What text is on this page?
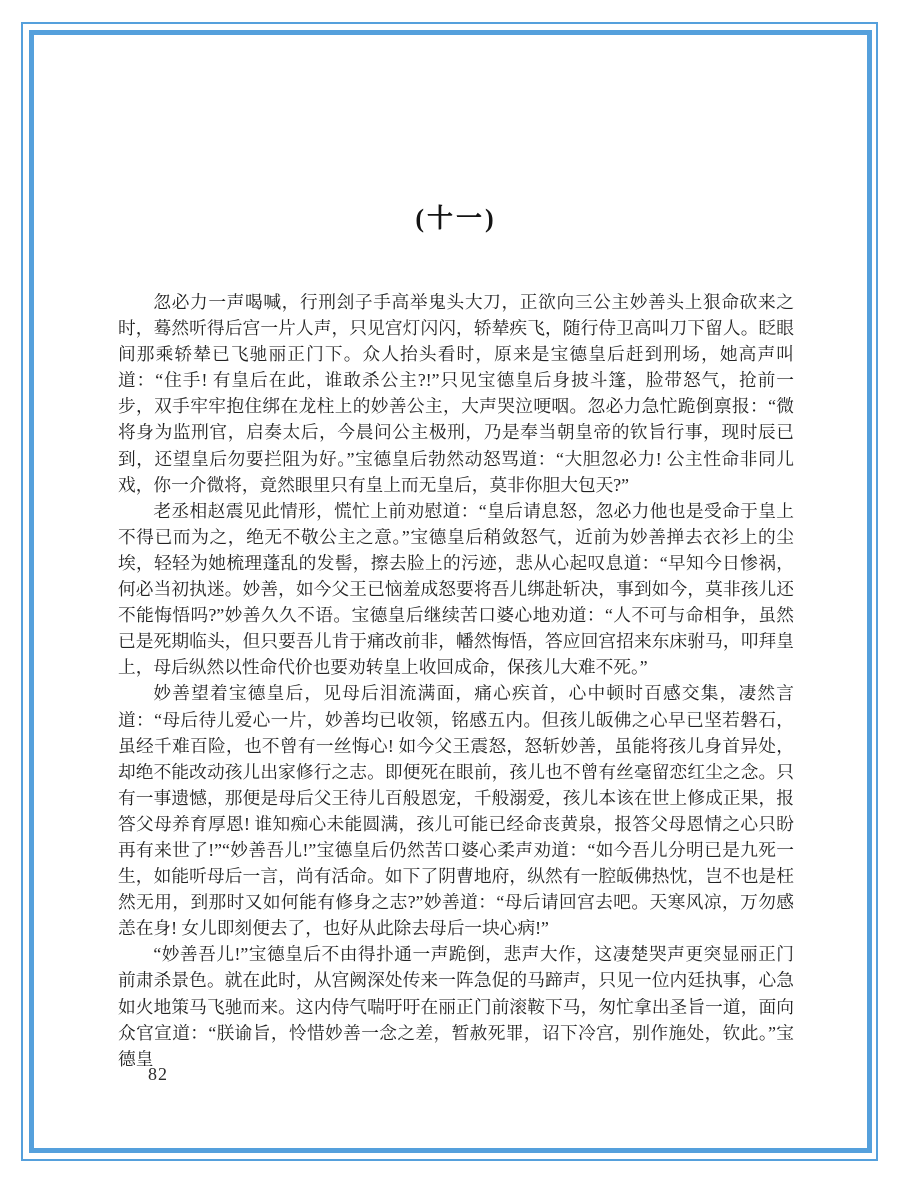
(十一)

忽必力一声喝喊，行刑刽子手高举鬼头大刀，正欲向三公主妙善头上狠命砍来之时，蓦然听得后宫一片人声，只见宫灯闪闪，轿辇疾飞，随行侍卫高叫刀下留人。眨眼间那乘轿辇已飞驰丽正门下。众人抬头看时，原来是宝德皇后赶到刑场，她高声叫道：“住手! 有皇后在此，谁敢杀公主?!”只见宝德皇后身披斗篷，脸带怒气，抢前一步，双手牢牢抱住绑在龙柱上的妙善公主，大声哭泣哽咽。忽必力急忙跪倒禀报：“微将身为监刑官，启奏太后，今晨问公主极刑，乃是奉当朝皇帝的钦旨行事，现时辰已到，还望皇后勿要拦阻为好。”宝德皇后勃然动怒骂道：“大胆忽必力! 公主性命非同儿戏，你一介微将，竟然眼里只有皇上而无皇后，莫非你胆大包天?”

老丞相赵震见此情形，慌忙上前劝慰道：“皇后请息怒，忽必力他也是受命于皇上不得已而为之，绝无不敬公主之意。”宝德皇后稍敛怒气，近前为妙善掸去衣衫上的尘埃，轻轻为她梳理蓬乱的发髻，擦去脸上的污迹，悲从心起叹息道：“早知今日惨祸，何必当初执迷。妙善，如今父王已恼羞成怒要将吾儿绑赴斩决，事到如今，莫非孩儿还不能悔悟吗?”妙善久久不语。宝德皇后继续苦口婆心地劝道：“人不可与命相争，虽然已是死期临头，但只要吾儿肯于痛改前非，幡然悔悟，答应回宫招来东床驸马，叩拜皇上，母后纵然以性命代价也要劝转皇上收回成命，保孩儿大难不死。”

妙善望着宝德皇后，见母后泪流满面，痛心疾首，心中顿时百感交集，凄然言道：“母后待儿爱心一片，妙善均已收领，铭感五内。但孩儿皈佛之心早已坚若磐石，虽经千难百险，也不曾有一丝悔心! 如今父王震怒，怒斩妙善，虽能将孩儿身首异处，却绝不能改动孩儿出家修行之志。即便死在眼前，孩儿也不曾有丝毫留恋红尘之念。只有一事遗憾，那便是母后父王待儿百般恩宠，千般溺爱，孩儿本该在世上修成正果，报答父母养育厚恩! 谁知痴心未能圆满，孩儿可能已经命丧黄泉，报答父母恩情之心只盼再有来世了!”“妙善吾儿!”宝德皇后仍然苦口婆心柔声劝道：“如今吾儿分明已是九死一生，如能听母后一言，尚有活命。如下了阴曹地府，纵然有一腔皈佛热忱，岂不也是枉然无用，到那时又如何能有修身之志?”妙善道：“母后请回宫去吧。天寒风凉，万勿感恙在身! 女儿即刻便去了，也好从此除去母后一块心病!”

“妙善吾儿!”宝德皇后不由得扑通一声跪倒，悲声大作，这凄楚哭声更突显丽正门前肃杀景色。就在此时，从宫阙深处传来一阵急促的马蹄声，只见一位内廷执事，心急如火地策马飞驰而来。这内侍气喘吁吁在丽正门前滚鞍下马，匆忙拿出圣旨一道，面向众官宣道：“朕谕旨，怜惜妙善一念之差，暂赦死罪，诏下冷宫，别作施处，钦此。”宝德皇

82
